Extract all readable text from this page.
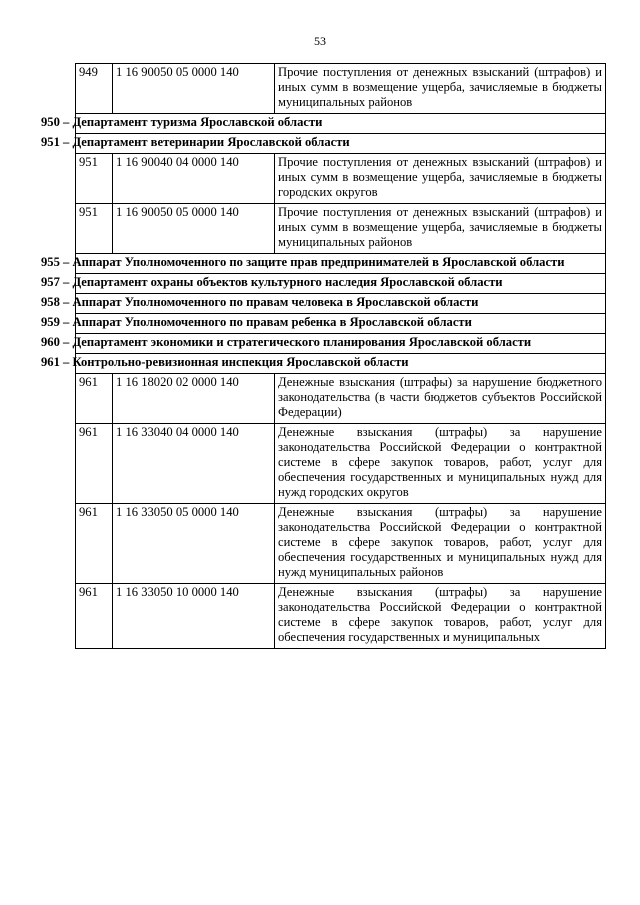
53
949	1 16 90050 05 0000 140	Прочие поступления от денежных взысканий (штрафов) и иных сумм в возмещение ущерба, зачисляемые в бюджеты муниципальных районов
950 – Департамент туризма Ярославской области		
951 – Департамент ветеринарии Ярославской области		
951	1 16 90040 04 0000 140	Прочие поступления от денежных взысканий (штрафов) и иных сумм в возмещение ущерба, зачисляемые в бюджеты городских округов
951	1 16 90050 05 0000 140	Прочие поступления от денежных взысканий (штрафов) и иных сумм в возмещение ущерба, зачисляемые в бюджеты муниципальных районов
955 – Аппарат Уполномоченного по защите прав предпринимателей в Ярославской области		
957 – Департамент охраны объектов культурного наследия Ярославской области		
958 – Аппарат Уполномоченного по правам человека в Ярославской области		
959 – Аппарат Уполномоченного по правам ребенка в Ярославской области		
960 – Департамент экономики и стратегического планирования Ярославской области		
961 – Контрольно-ревизионная инспекция Ярославской области		
961	1 16 18020 02 0000 140	Денежные взыскания (штрафы) за нарушение бюджетного законодательства (в части бюджетов субъектов Российской Федерации)
961	1 16 33040 04 0000 140	Денежные взыскания (штрафы) за нарушение законодательства Российской Федерации о контрактной системе в сфере закупок товаров, работ, услуг для обеспечения государственных и муниципальных нужд для нужд городских округов
961	1 16 33050 05 0000 140	Денежные взыскания (штрафы) за нарушение законодательства Российской Федерации о контрактной системе в сфере закупок товаров, работ, услуг для обеспечения государственных и муниципальных нужд для нужд муниципальных районов
961	1 16 33050 10 0000 140	Денежные взыскания (штрафы) за нарушение законодательства Российской Федерации о контрактной системе в сфере закупок товаров, работ, услуг для обеспечения государственных и муниципальных
